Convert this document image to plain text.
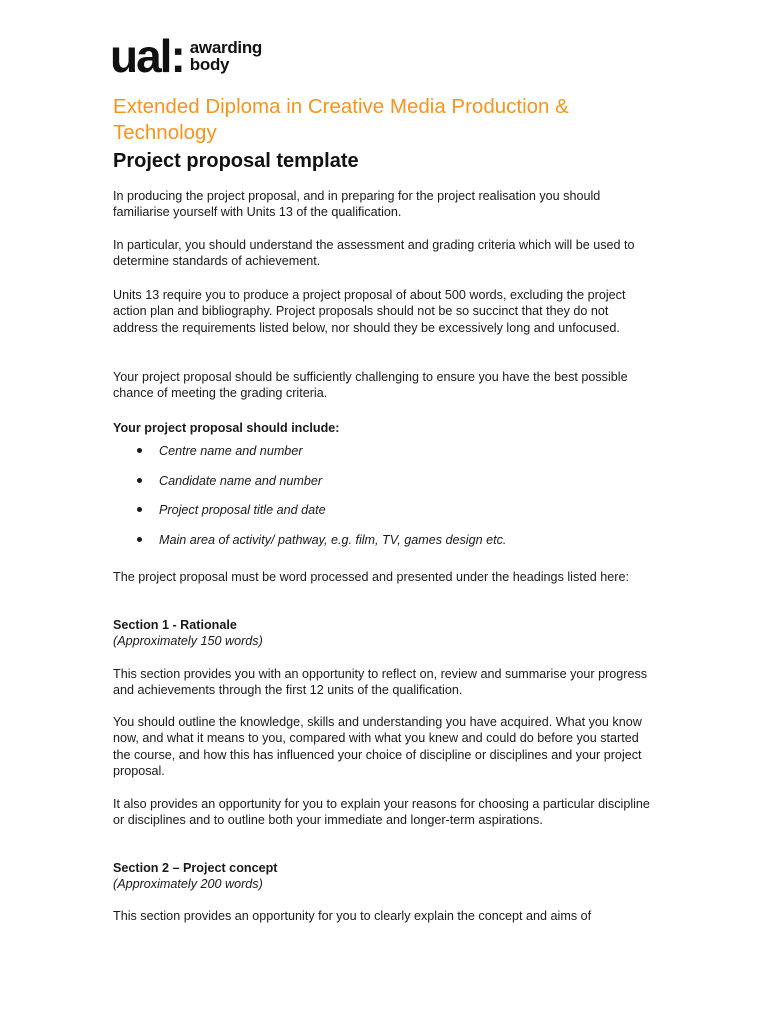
ual: awarding
body
Extended Diploma in Creative Media Production & Technology
Project proposal template

In producing the project proposal, and in preparing for the project realisation you should familiarise yourself with Units 13 of the qualification.

In particular, you should understand the assessment and grading criteria which will be used to determine standards of achievement.

Units 13 require you to produce a project proposal of about 500 words, excluding the project action plan and bibliography. Project proposals should not be so succinct that they do not address the requirements listed below, nor should they be excessively long and unfocused.

Your project proposal should be sufficiently challenging to ensure you have the best possible chance of meeting the grading criteria.

Your project proposal should include:

Centre name and number
Candidate name and number
Project proposal title and date
Main area of activity/ pathway, e.g. film, TV, games design etc.

The project proposal must be word processed and presented under the headings listed here:

Section 1 - Rationale

(Approximately 150 words)

This section provides you with an opportunity to reflect on, review and summarise your progress and achievements through the first 12 units of the qualification.

You should outline the knowledge, skills and understanding you have acquired. What you know now, and what it means to you, compared with what you knew and could do before you started the course, and how this has influenced your choice of discipline or disciplines and your project proposal.

It also provides an opportunity for you to explain your reasons for choosing a particular discipline or disciplines and to outline both your immediate and longer-term aspirations.

Section 2 – Project concept

(Approximately 200 words)

This section provides an opportunity for you to clearly explain the concept and aims of
